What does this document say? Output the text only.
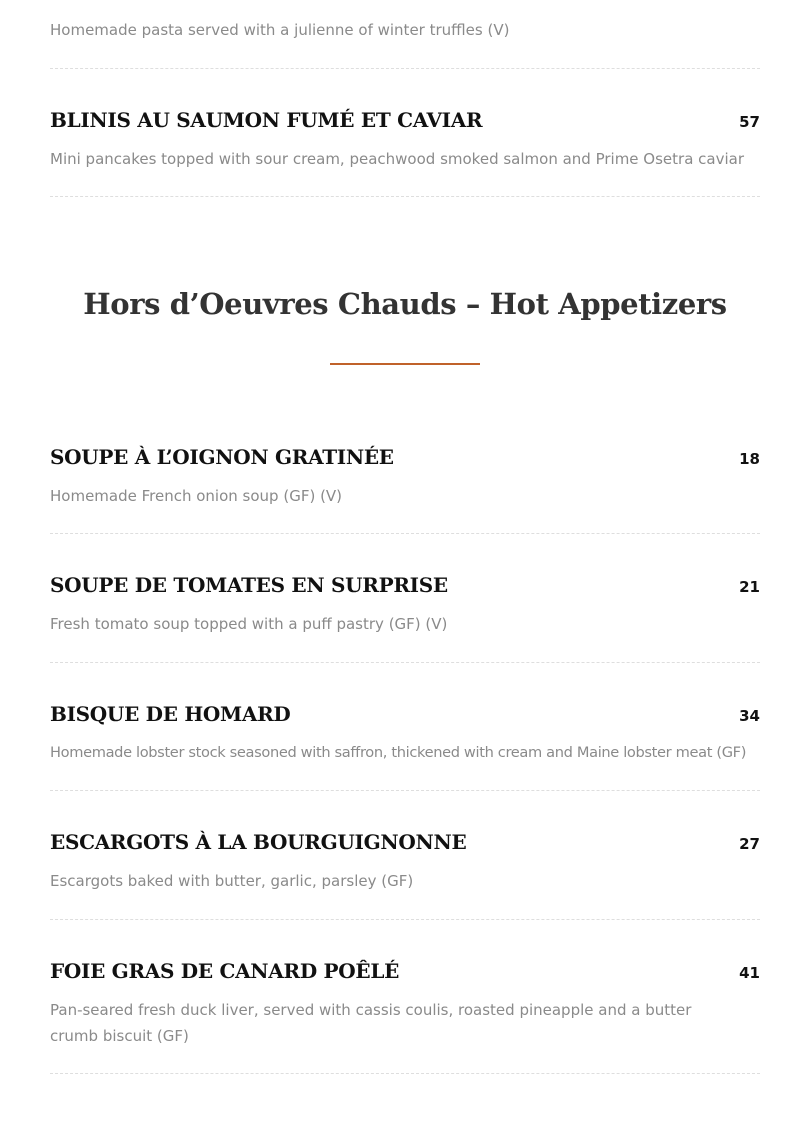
Homemade pasta served with a julienne of winter truffles (V)
BLINIS AU SAUMON FUMÉ ET CAVIAR	57
Mini pancakes topped with sour cream, peachwood smoked salmon and Prime Osetra caviar
Hors d’Oeuvres Chauds – Hot Appetizers
SOUPE À L’OIGNON GRATINÉE	18
Homemade French onion soup (GF) (V)
SOUPE DE TOMATES EN SURPRISE	21
Fresh tomato soup topped with a puff pastry (GF) (V)
BISQUE DE HOMARD	34
Homemade lobster stock seasoned with saffron, thickened with cream and Maine lobster meat (GF)
ESCARGOTS À LA BOURGUIGNONNE	27
Escargots baked with butter, garlic, parsley (GF)
FOIE GRAS DE CANARD POÊLÉ	41
Pan-seared fresh duck liver, served with cassis coulis, roasted pineapple and a butter crumb biscuit (GF)
